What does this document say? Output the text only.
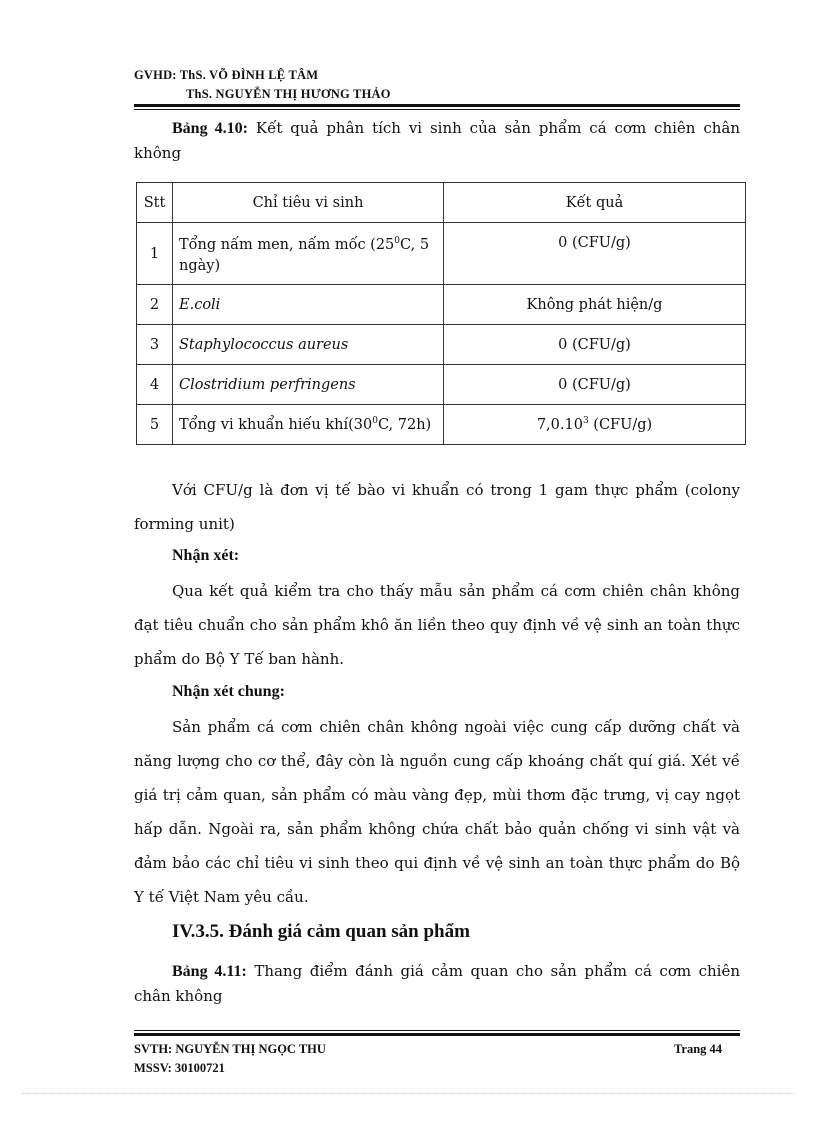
GVHD: ThS. VÕ ĐÌNH LỆ TÂM
ThS. NGUYỄN THỊ HƯƠNG THẢO
Bảng 4.10: Kết quả phân tích vi sinh của sản phẩm cá cơm chiên chân không
Stt	Chỉ tiêu vi sinh	Kết quả
1	Tổng nấm men, nấm mốc ($25^0C$, 5 ngày)	0 (CFU/g)
2	E.coli	Không phát hiện/g
3	Staphylococcus aureus	0 (CFU/g)
4	Clostridium perfringens	0 (CFU/g)
5	Tổng vi khuẩn hiếu $khí(30^0C$, 72h)	7,0.10$^3$ (CFU/g)
Với CFU/g là đơn vị tế bào vi khuẩn có trong 1 gam thực phẩm (colony forming unit)
Nhận xét:
Qua kết quả kiểm tra cho thấy mẫu sản phẩm cá cơm chiên chân không đạt tiêu chuẩn cho sản phẩm khô ăn liền theo quy định về vệ sinh an toàn thực phẩm do Bộ Y Tế ban hành.
Nhận xét chung:
Sản phẩm cá cơm chiên chân không ngoài việc cung cấp dưỡng chất và năng lượng cho cơ thể, đây còn là nguồn cung cấp khoáng chất quí giá. Xét về giá trị cảm quan, sản phẩm có màu vàng đẹp, mùi thơm đặc trưng, vị cay ngọt hấp dẫn. Ngoài ra, sản phẩm không chứa chất bảo quản chống vi sinh vật và đảm bảo các chỉ tiêu vi sinh theo qui định về vệ sinh an toàn thực phẩm do Bộ Y tế Việt Nam yêu cầu.
IV.3.5. Đánh giá cảm quan sản phẩm
Bảng 4.11: Thang điểm đánh giá cảm quan cho sản phẩm cá cơm chiên chân không
SVTH: NGUYỄN THỊ NGỌC THU
MSSV: 30100721
Trang 44
